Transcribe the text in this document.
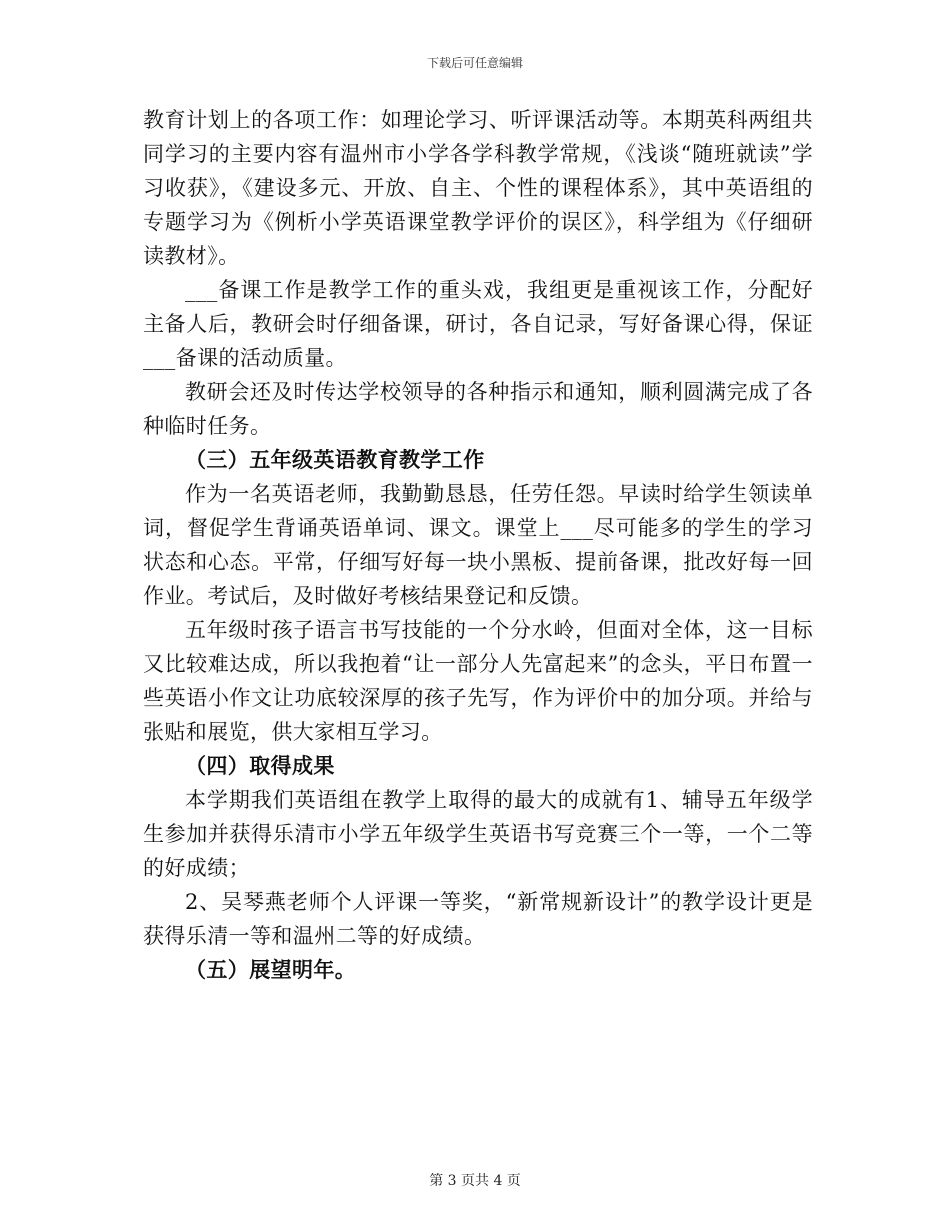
下载后可任意编辑

教育计划上的各项工作：如理论学习、听评课活动等。本期英科两组共同学习的主要内容有温州市小学各学科教学常规，《浅谈“随班就读”学习收获》，《建设多元、开放、自主、个性的课程体系》，其中英语组的专题学习为《例析小学英语课堂教学评价的误区》，科学组为《仔细研读教材》。

___备课工作是教学工作的重头戏，我组更是重视该工作，分配好主备人后，教研会时仔细备课，研讨，各自记录，写好备课心得，保证___备课的活动质量。

教研会还及时传达学校领导的各种指示和通知，顺利圆满完成了各种临时任务。

（三）五年级英语教育教学工作

作为一名英语老师，我勤勤恳恳，任劳任怨。早读时给学生领读单词，督促学生背诵英语单词、课文。课堂上___尽可能多的学生的学习状态和心态。平常，仔细写好每一块小黑板、提前备课，批改好每一回作业。考试后，及时做好考核结果登记和反馈。

五年级时孩子语言书写技能的一个分水岭，但面对全体，这一目标又比较难达成，所以我抱着“让一部分人先富起来”的念头，平日布置一些英语小作文让功底较深厚的孩子先写，作为评价中的加分项。并给与张贴和展览，供大家相互学习。

（四）取得成果

本学期我们英语组在教学上取得的最大的成就有1、辅导五年级学生参加并获得乐清市小学五年级学生英语书写竞赛三个一等，一个二等的好成绩；

2、吴琴燕老师个人评课一等奖，“新常规新设计”的教学设计更是获得乐清一等和温州二等的好成绩。

（五）展望明年。

第 3 页共 4 页
